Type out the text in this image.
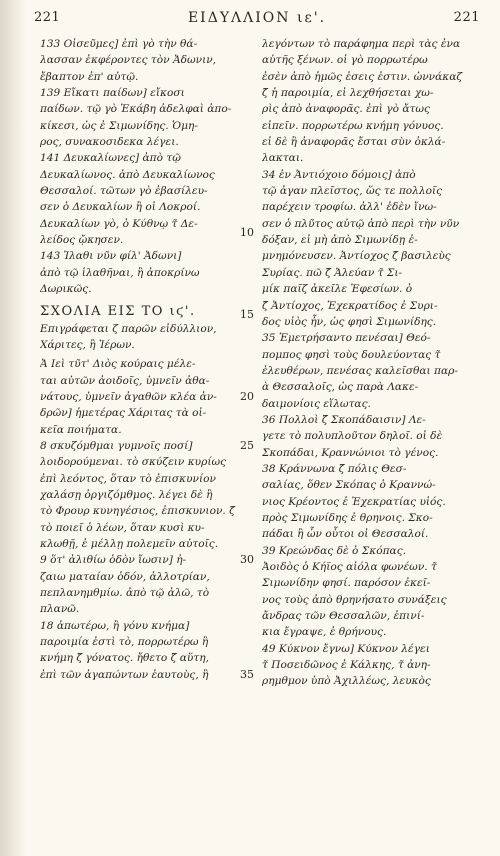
221	ΕΙΔΥΛΛΙΟΝ ιε'.	221

133 Οἰσεῦμες] ἐπὶ γὸ τὴν θά-

λασσαν ἐκφέροντες τὸν Ἀδωνιν,

ἔβαπτον ἐπ' αὐτῷ.

139 Εἴκατι παίδων] εἴκοσι

παίδων. τῷ γὸ Ἑκάβη ἀδελφαὶ ἀπο-

κίκεσι, ὡς ἐ Σιμωνίδης. Ὁμη-

ρος, συνακοσιδεκα λέγει.

141 Δευκαλίωνες] ἀπὸ τῷ

Δευκαλίωνος. ἀπὸ Δευκαλίωνος

Θεσσαλοί. τῶτων γὸ ἐβασίλευ-

σεν ὁ Δευκαλίων ἢ οἱ Λοκροί.

Δευκαλίων γὸ, ὁ Κύθνῳ τ̃ Δε-

λείδος ᾤκησεν.

143 Ἱλαθι νῦν φίλ' Ἀδωνι]

ἀπὸ τῷ ἱλαθῆναι, ἢ ἀποκρίνω

Δωρικῶς.

ΣΧΟΛΙΑ ΕΙΣ ΤΟ ιϛ'.

Επιγράφεται ζ παρῶν εἰδύλλιον,

Χάριτες, ἢ Ἱέρων.

Ἀ Ιεὶ τῦτ' Διὸς κούραις μέλε-

ται αὐτῶν ἀοιδοῖς, ὑμνεῖν ἀθα-

νάτους, ὑμνεῖν ἀγαθῶν κλέα ἀν-

δρῶν] ἡμετέρας Χάριτας τὰ οἰ-

κεῖα ποιήματα.

8 σκυζόμθμαι γυμνοῖς ποσί]

λοιδορούμεναι. τὸ σκύζειν κυρίως

ἐπὶ λεόντος, ὅταν τὸ ἐπισκυνίον

χαλάσῃ ὀργιζόμθμος. λέγει δὲ ἢ

τὸ Φρουρ κυνηγέσιος, ἐπισκυνιον. ζ̃

τὸ ποιεῖ ὁ λέων, ὅταν κυσὶ κυ-

κλωθῇ, ἐ μέλλῃ πολεμεῖν αὐτοῖς.

9 ὅτ' ἀλιθίω ὁδὸν ἴωσιν] ἠ-

ζαιω ματαίαν ὁδόν, ἀλλοτρίαν,

πεπλανημθμίω. ἀπὸ τῷ ἀλῶ, τὸ

πλανῶ.

18 ἀπωτέρω, ἢ γόνυ κνήμα]

παροιμία ἐστὶ τὸ, πορρωτέρω ἢ

κνήμη ζ̃ γόνατος. ἤθετο ζ̃ αὕτη,

ἐπὶ τῶν ἀγαπώντων ἑαυτοὺς, ἢ

λεγόντων τὸ παράφημα περὶ τὰς ἐνα

αὐτῆς ξένων. οἱ γὸ πορρωτέρω

ἐσὲν ἀπὸ ἡμῶς ἐσεις ἐστιν. ὠννάκαζ

ζ̃ ἡ παροιμία, εἰ λεχθήσεται χω-

ρὶς ἀπὸ ἀναφορᾶς. ἐπὶ γὸ ἄτως

εἰπεῖν. πορρωτέρω κνήμη γόνυος.

εἰ δὲ ἢ ἀναφορᾶς ἔσται σὺν ὀκλά-

λακται.

34 ἐν Ἀντιόχοιο δόμοις] ἀπὸ

τῷ ἀγαν πλεῖστος, ὥς τε πολλοῖς

παρέχειν τροφίω. ἀλλ' ἐδὲν ἴνω-

σεν ὁ πλῦτος αὐτῷ ἀπὸ περὶ τὴν νῦν

δόξαν, εἰ μὴ ἀπὸ Σιμωνίδῃ ἐ-

μνημόνευσεν. Ἀντίοχος ζ̃ βασιλεὺς

Συρίας. πῶ ζ̃ Ἀλεύαν τ̃ Σι-

μίκ παῖζ ἀκεῖλε Ἐφεσίων. ὁ

ζ̃ Ἀντίοχος, Ἐχεκρατίδος ἐ Συρι-

δος υἱὸς ἦν, ὡς φησὶ Σιμωνίδης.

35 Ἐμετρήσαντο πενέσαι] Θεό-

πομπος φησὶ τοὺς δουλεύοντας τ̃

ἐλευθέρων, πενέσας καλεῖσθαι παρ-

ὰ Θεσσαλοῖς, ὡς παρὰ Λακε-

δαιμονίοις εἵλωτας.

36 Πολλοὶ ζ̃ Σκοπάδαισιν] Λε-

γετε τὸ πολυπλοῦτον δηλοῖ. οἱ δὲ

Σκοπάδαι, Κραννώνιοι τὸ γένος.

38 Κράννωνα ζ̃ πόλις Θεσ-

σαλίας, ὅθεν Σκόπας ὁ Κραννώ-

νιος Κρέοντος ἐ Ἐχεκρατίας υἱός.

πρὸς Σιμωνίδης ἐ θρηνοις. Σκο-

πάδαι ἢ ὧν οὗτοι οἱ Θεσσαλοί.

39 Κρεώνδας δὲ ὁ Σκόπας.

Ἀοιδὸς ὁ Κήϊος αἰόλα φωνέων. τ̃

Σιμωνίδην φησί. παρόσον ἐκεῖ-

νος τοὺς ἀπὸ θρηνήσατο συνάξεις

ἄνδρας τῶν Θεσσαλῶν, ἐπινί-

κια ἔγραψε, ἐ θρήνους.

49 Κύκνον ἔγνω] Κύκνον λέγει

τ̃ Ποσειδῶνος ἐ Κάλκης, τ̃ ἀνη-

ρημθμον ὑπὸ Ἀχιλλέως, λευκὸς

10
15
20
25
30
35
